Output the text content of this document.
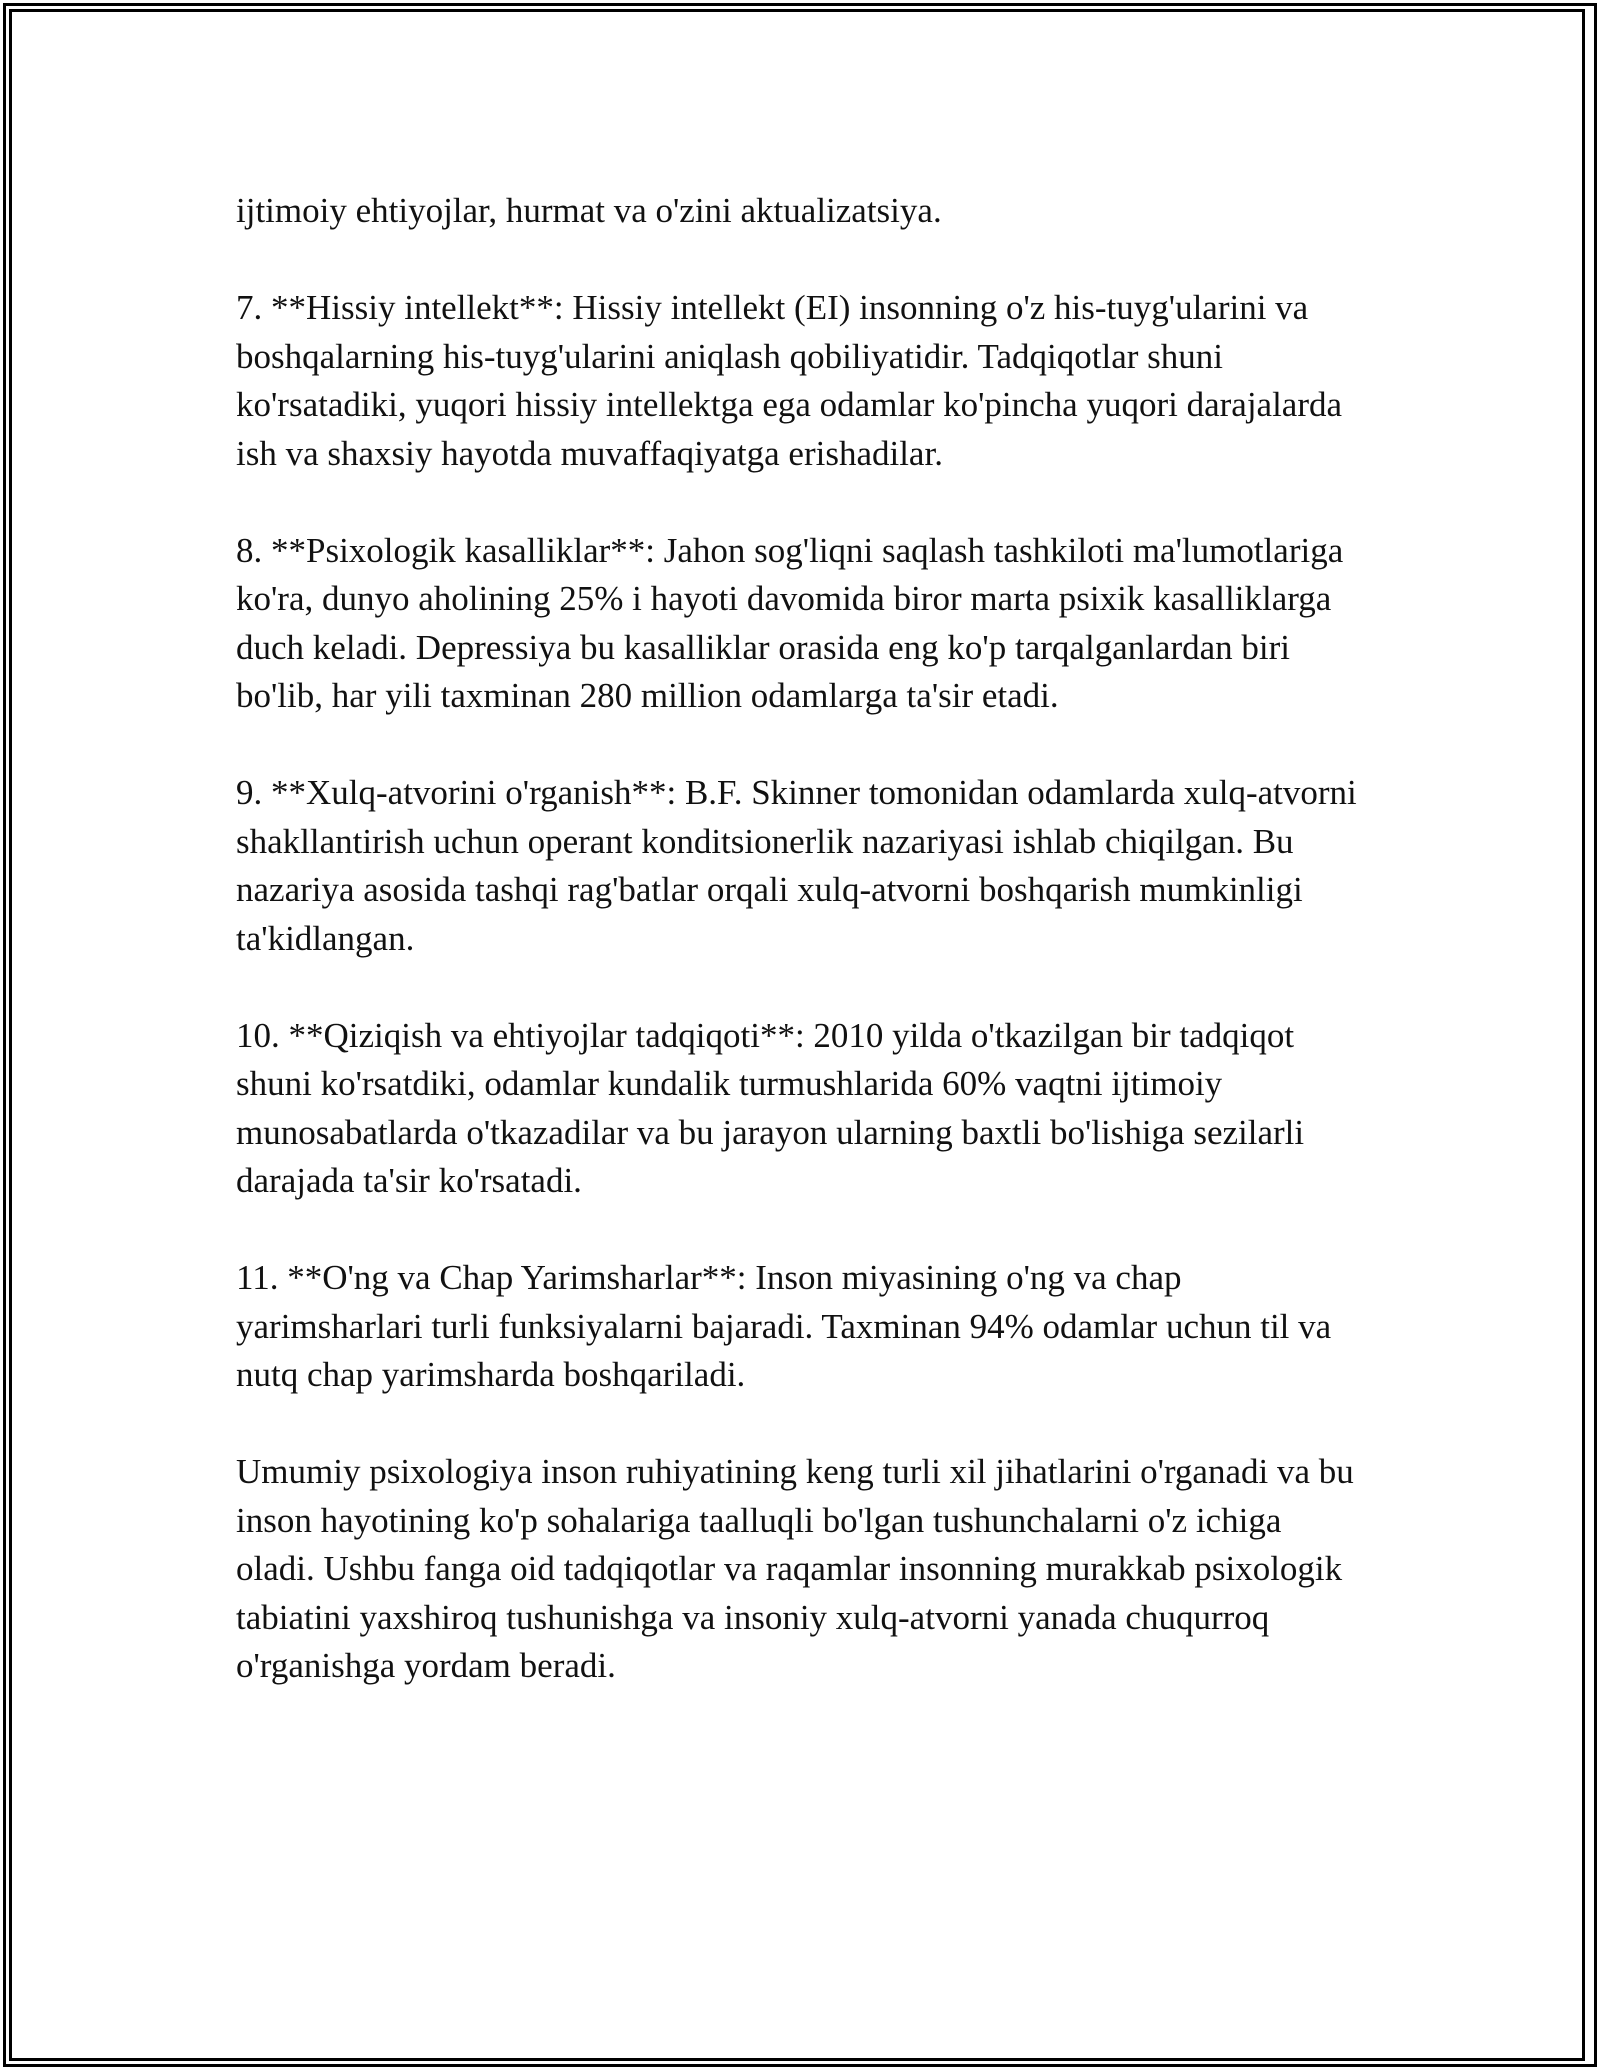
ijtimoiy ehtiyojlar, hurmat va o'zini aktualizatsiya.

7. **Hissiy intellekt**: Hissiy intellekt (EI) insonning o'z his-tuyg'ularini va boshqalarning his-tuyg'ularini aniqlash qobiliyatidir. Tadqiqotlar shuni ko'rsatadiki, yuqori hissiy intellektga ega odamlar ko'pincha yuqori darajalarda ish va shaxsiy hayotda muvaffaqiyatga erishadilar.

8. **Psixologik kasalliklar**: Jahon sog'liqni saqlash tashkiloti ma'lumotlariga ko'ra, dunyo aholining 25% i hayoti davomida biror marta psixik kasalliklarga duch keladi. Depressiya bu kasalliklar orasida eng ko'p tarqalganlardan biri bo'lib, har yili taxminan 280 million odamlarga ta'sir etadi.

9. **Xulq-atvorini o'rganish**: B.F. Skinner tomonidan odamlarda xulq-atvorni shakllantirish uchun operant konditsionerlik nazariyasi ishlab chiqilgan. Bu nazariya asosida tashqi rag'batlar orqali xulq-atvorni boshqarish mumkinligi ta'kidlangan.

10. **Qiziqish va ehtiyojlar tadqiqoti**: 2010 yilda o'tkazilgan bir tadqiqot shuni ko'rsatdiki, odamlar kundalik turmushlarida 60% vaqtni ijtimoiy munosabatlarda o'tkazadilar va bu jarayon ularning baxtli bo'lishiga sezilarli darajada ta'sir ko'rsatadi.

11. **O'ng va Chap Yarimsharlar**: Inson miyasining o'ng va chap yarimsharlari turli funksiyalarni bajaradi. Taxminan 94% odamlar uchun til va nutq chap yarimsharda boshqariladi.

Umumiy psixologiya inson ruhiyatining keng turli xil jihatlarini o'rganadi va bu inson hayotining ko'p sohalariga taalluqli bo'lgan tushunchalarni o'z ichiga oladi. Ushbu fanga oid tadqiqotlar va raqamlar insonning murakkab psixologik tabiatini yaxshiroq tushunishga va insoniy xulq-atvorni yanada chuqurroq o'rganishga yordam beradi.
